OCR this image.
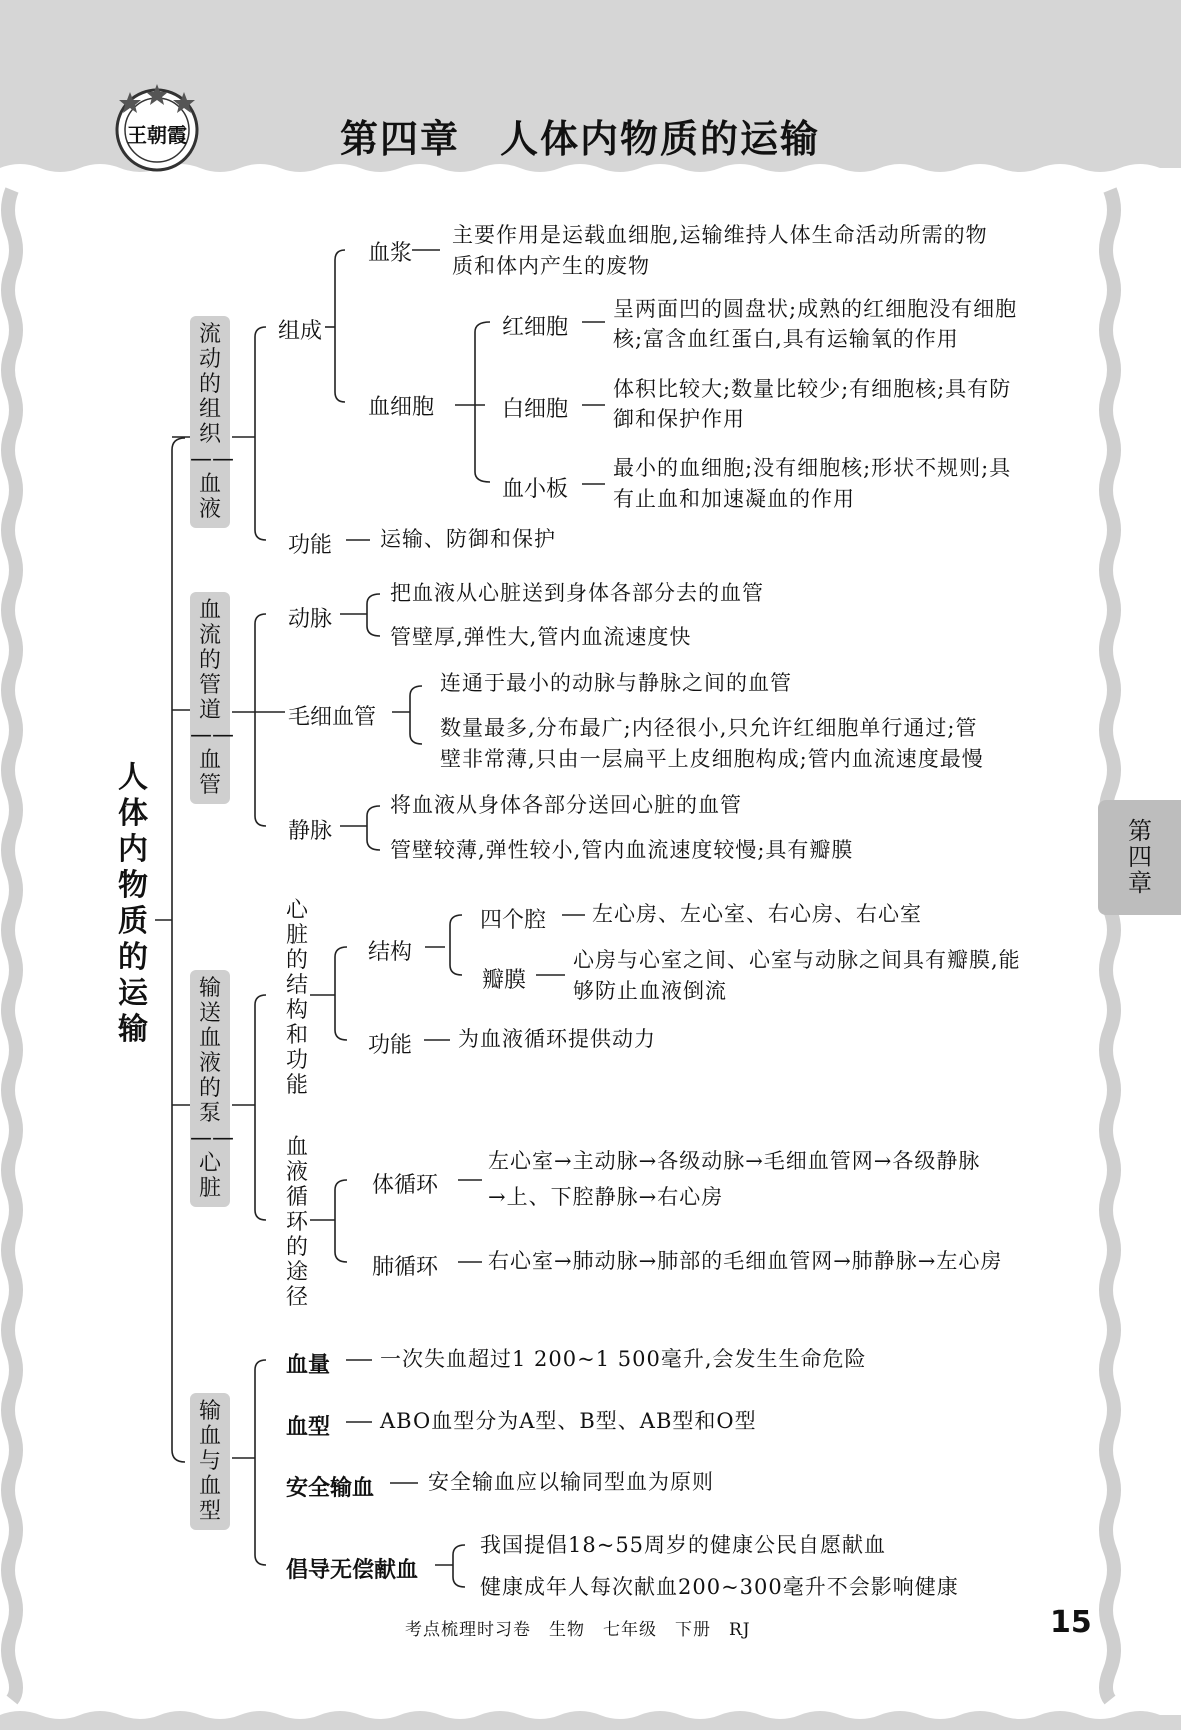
王朝霞	第四章　人体内物质的运输
第四章
人体内物质的运输
流动的组织——血液
血流的管道——血管
输送血液的泵——心脏
输血与血型
组成
血浆
主要作用是运载血细胞,运输维持人体生命活动所需的物
质和体内产生的废物
血细胞
红细胞
呈两面凹的圆盘状;成熟的红细胞没有细胞
核;富含血红蛋白,具有运输氧的作用
白细胞
体积比较大;数量比较少;有细胞核;具有防
御和保护作用
血小板
最小的血细胞;没有细胞核;形状不规则;具
有止血和加速凝血的作用
功能 运输、防御和保护
动脉
把血液从心脏送到身体各部分去的血管
管壁厚,弹性大,管内血流速度快
毛细血管
连通于最小的动脉与静脉之间的血管
数量最多,分布最广;内径很小,只允许红细胞单行通过;管
壁非常薄,只由一层扁平上皮细胞构成;管内血流速度最慢
静脉
将血液从身体各部分送回心脏的血管
管壁较薄,弹性较小,管内血流速度较慢;具有瓣膜
心脏的结构和功能
结构
四个腔 左心房、左心室、右心房、右心室
瓣膜
心房与心室之间、心室与动脉之间具有瓣膜,能
够防止血液倒流
功能 为血液循环提供动力
血液循环的途径
体循环
左心室→主动脉→各级动脉→毛细血管网→各级静脉
→上、下腔静脉→右心房
肺循环 右心室→肺动脉→肺部的毛细血管网→肺静脉→左心房
血量 一次失血超过1 200~1 500毫升,会发生生命危险
血型 ABO血型分为A型、B型、AB型和O型
安全输血	安全输血应以输同型血为原则
倡导无偿献血
我国提倡18~55周岁的健康公民自愿献血
健康成年人每次献血200~300毫升不会影响健康
考点梳理时习卷　生物　七年级　下册　RJ	15
